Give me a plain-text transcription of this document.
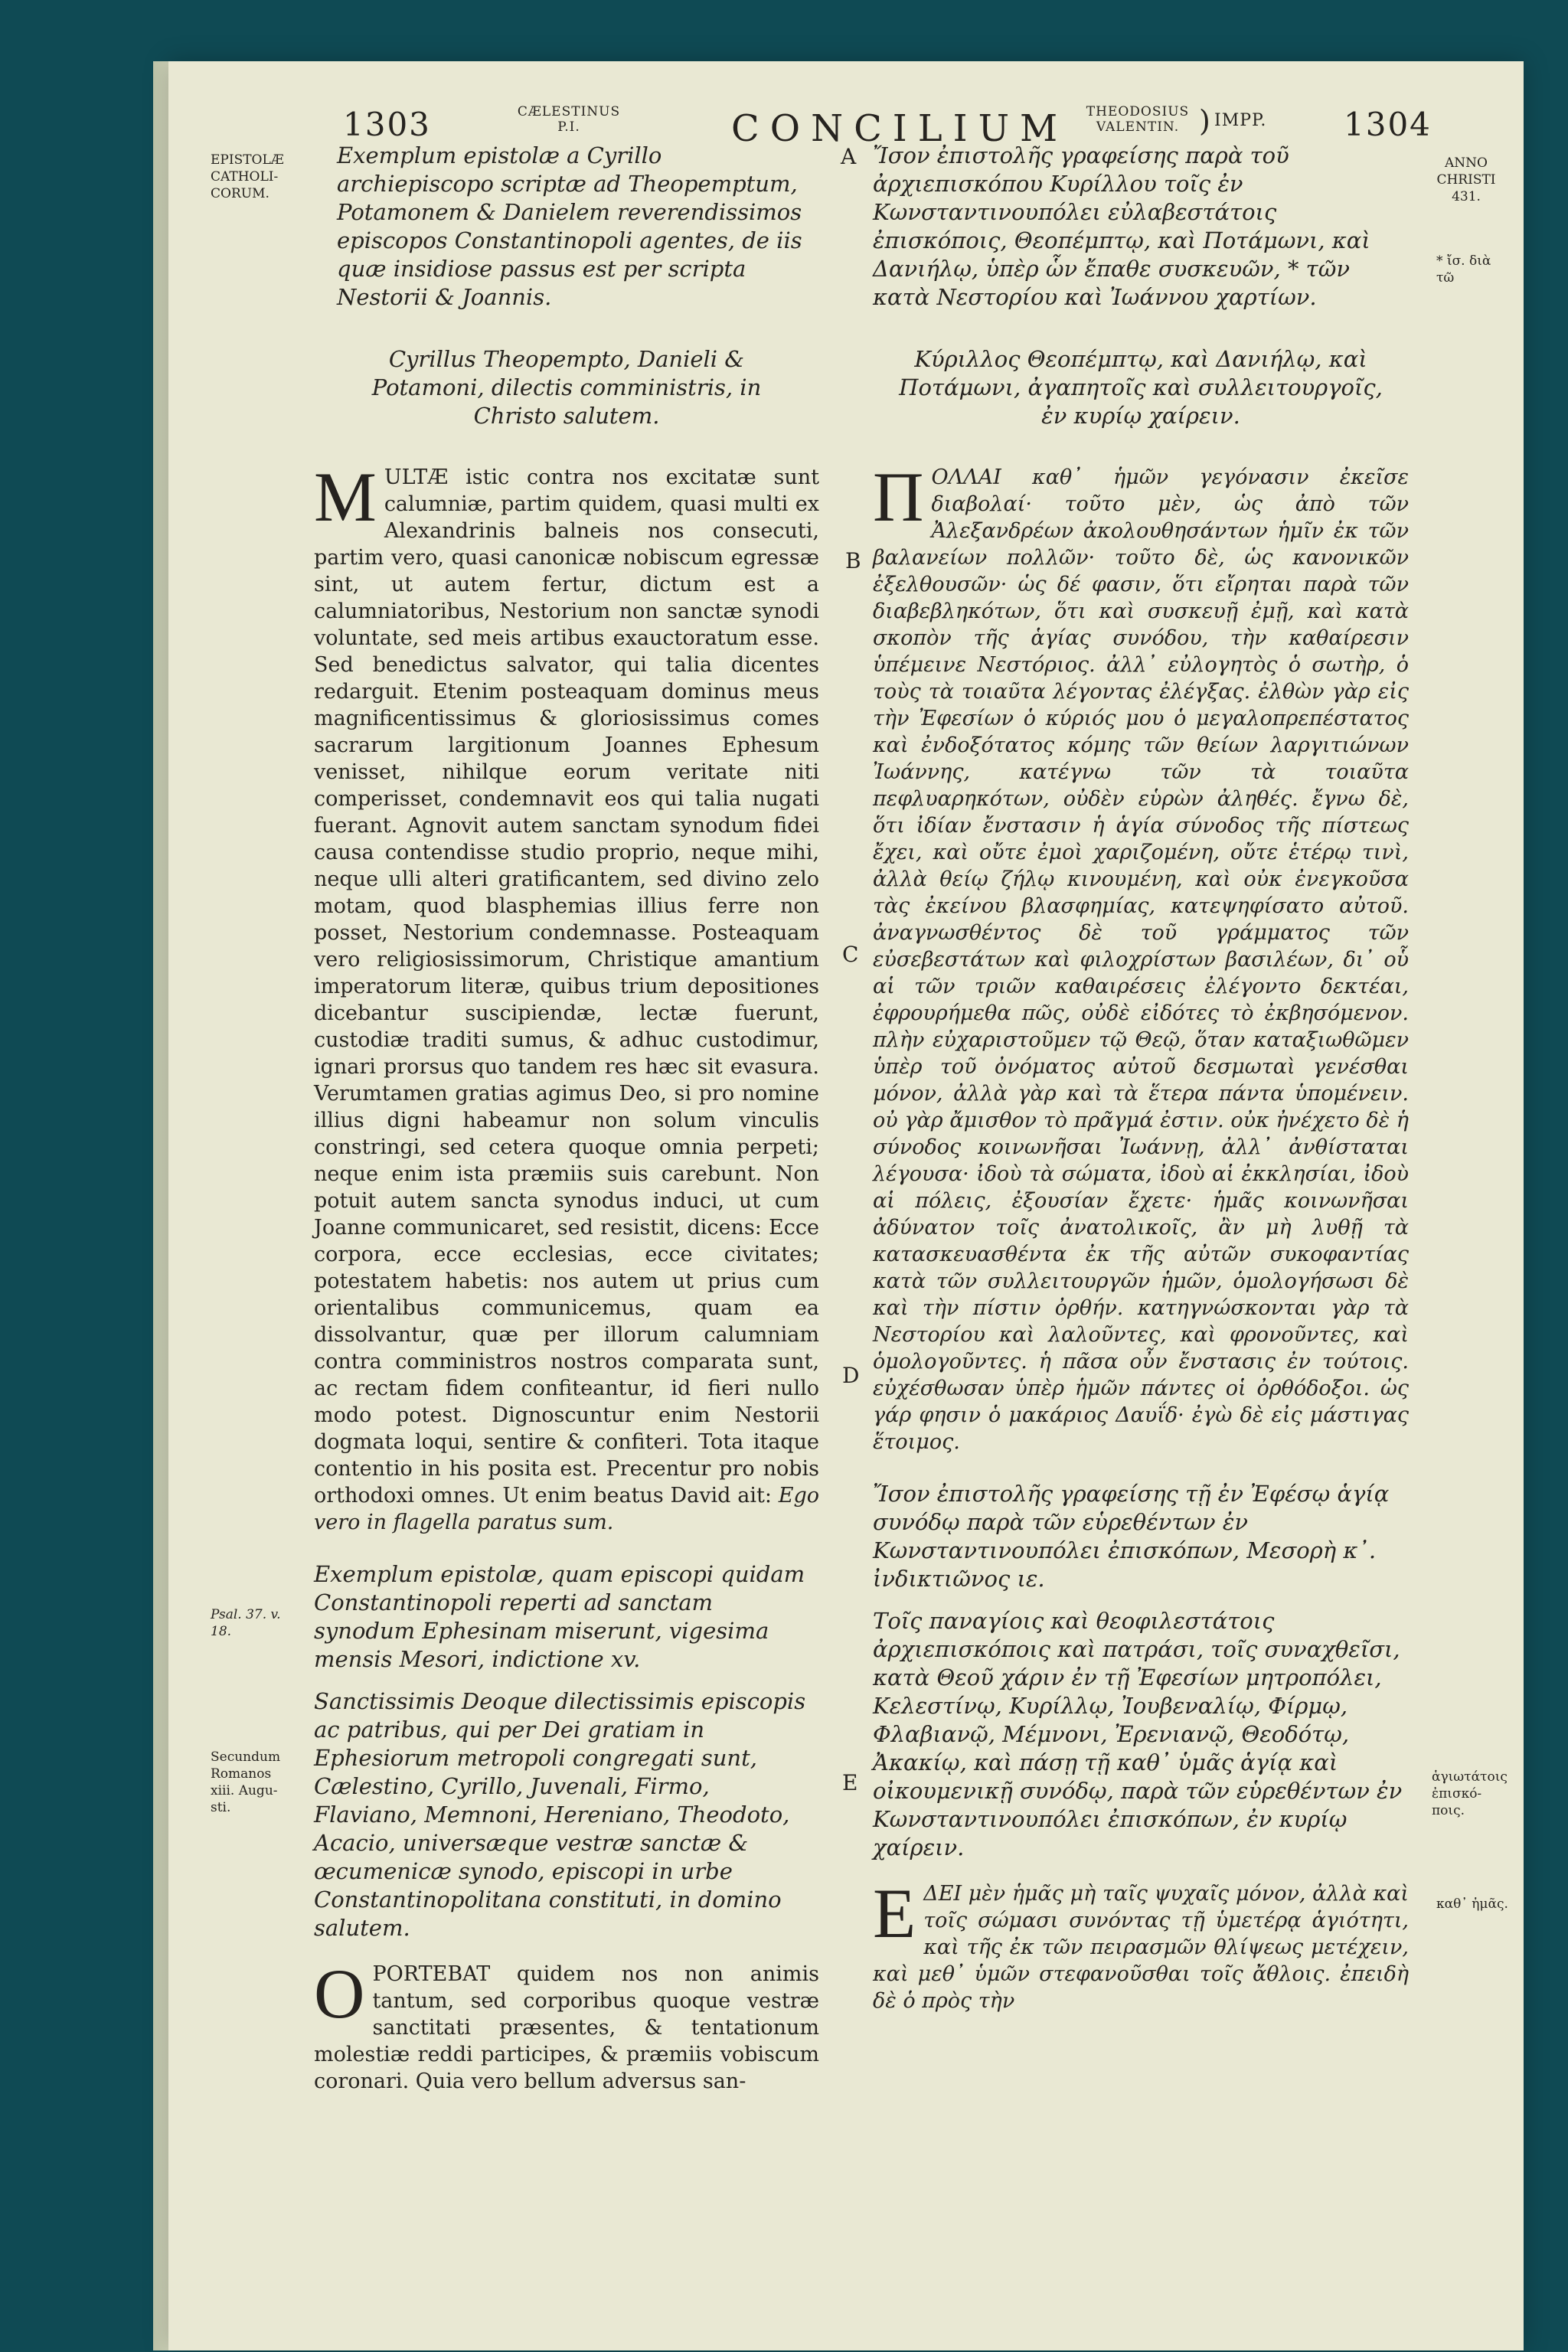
1303	CÆLESTINUS
P.I.	CONCILIUM THEODOSIUS
VALENTIN. ) IMPP. 1304
EPISTOLÆ CATHOLI- CORUM.
Psal. 37. v. 18.
Secundum Romanos xiii. Augu- sti.
ANNO CHRISTI 431.
* ἴσ. διὰ τῶ
ἁγιωτάτοις ἐπισκό- ποις.
καθ᾽ ἡμᾶς.
A
B
C
D
E

Exemplum epistolæ a Cyrillo archiepiscopo scriptæ ad Theopemptum, Potamonem & Danielem reverendissimos episcopos Constantinopoli agentes, de iis quæ insidiose passus est per scripta Nestorii & Joannis.

Cyrillus Theopempto, Danieli & Potamoni, dilectis comministris, in Christo salutem.

M ULTÆ istic contra nos excitatæ sunt calumniæ, partim quidem, quasi multi ex Alexandrinis balneis nos consecuti, partim vero, quasi canonicæ nobiscum egressæ sint, ut autem fertur, dictum est a calumniatoribus, Nestorium non sanctæ synodi voluntate, sed meis artibus exauctoratum esse. Sed benedictus salvator, qui talia dicentes redarguit. Etenim posteaquam dominus meus magnificentissimus & gloriosissimus comes sacrarum largitionum Joannes Ephesum venisset, nihilque eorum veritate niti comperisset, condemnavit eos qui talia nugati fuerant. Agnovit autem sanctam synodum fidei causa contendisse studio proprio, neque mihi, neque ulli alteri gratificantem, sed divino zelo motam, quod blasphemias illius ferre non posset, Nestorium condemnasse. Posteaquam vero religiosissimorum, Christique amantium imperatorum literæ, quibus trium depositiones dicebantur suscipiendæ, lectæ fuerunt, custodiæ traditi sumus, & adhuc custodimur, ignari prorsus quo tandem res hæc sit evasura. Verumtamen gratias agimus Deo, si pro nomine illius digni habeamur non solum vinculis constringi, sed cetera quoque omnia perpeti; neque enim ista præmiis suis carebunt. Non potuit autem sancta synodus induci, ut cum Joanne communicaret, sed resistit, dicens: Ecce corpora, ecce ecclesias, ecce civitates; potestatem habetis: nos autem ut prius cum orientalibus communicemus, quam ea dissolvantur, quæ per illorum calumniam contra comministros nostros comparata sunt, ac rectam fidem confiteantur, id fieri nullo modo potest. Dignoscuntur enim Nestorii dogmata loqui, sentire & confiteri. Tota itaque contentio in his posita est. Precentur pro nobis orthodoxi omnes. Ut enim beatus David ait: Ego vero in flagella paratus sum.

Exemplum epistolæ, quam episcopi quidam Constantinopoli reperti ad sanctam synodum Ephesinam miserunt, vigesima mensis Mesori, indictione xv.

Sanctissimis Deoque dilectissimis episcopis ac patribus, qui per Dei gratiam in Ephesiorum metropoli congregati sunt, Cælestino, Cyrillo, Juvenali, Firmo, Flaviano, Memnoni, Hereniano, Theodoto, Acacio, universæque vestræ sanctæ & œcumenicæ synodo, episcopi in urbe Constantinopolitana constituti, in domino salutem.

O PORTEBAT quidem nos non animis tantum, sed corporibus quoque vestræ sanctitati præsentes, & tentationum molestiæ reddi participes, & præmiis vobiscum coronari. Quia vero bellum adversus san-

Ἴσον ἐπιστολῆς γραφείσης παρὰ τοῦ ἀρχιεπισκόπου Κυρίλλου τοῖς ἐν Κωνσταντινουπόλει εὐλαβεστάτοις ἐπισκόποις, Θεοπέμπτῳ, καὶ Ποτάμωνι, καὶ Δανιήλῳ, ὑπὲρ ὧν ἔπαθε συσκευῶν, * τῶν κατὰ Νεστορίου καὶ Ἰωάννου χαρτίων.

Κύριλλος Θεοπέμπτῳ, καὶ Δανιήλῳ, καὶ Ποτάμωνι, ἀγαπητοῖς καὶ συλλειτουργοῖς, ἐν κυρίῳ χαίρειν.

Π ΟΛΛΑΙ καθ᾽ ἡμῶν γεγόνασιν ἐκεῖσε διαβολαί· τοῦτο μὲν, ὡς ἀπὸ τῶν Ἀλεξανδρέων ἀκολουθησάντων ἡμῖν ἐκ τῶν βαλανείων πολλῶν· τοῦτο δὲ, ὡς κανονικῶν ἐξελθουσῶν· ὡς δέ φασιν, ὅτι εἴρηται παρὰ τῶν διαβεβληκότων, ὅτι καὶ συσκευῇ ἐμῇ, καὶ κατὰ σκοπὸν τῆς ἁγίας συνόδου, τὴν καθαίρεσιν ὑπέμεινε Νεστόριος. ἀλλ᾽ εὐλογητὸς ὁ σωτὴρ, ὁ τοὺς τὰ τοιαῦτα λέγοντας ἐλέγξας. ἐλθὼν γὰρ εἰς τὴν Ἐφεσίων ὁ κύριός μου ὁ μεγαλοπρεπέστατος καὶ ἐνδοξότατος κόμης τῶν θείων λαργιτιώνων Ἰωάννης, κατέγνω τῶν τὰ τοιαῦτα πεφλυαρηκότων, οὐδὲν εὑρὼν ἀληθές. ἔγνω δὲ, ὅτι ἰδίαν ἔνστασιν ἡ ἁγία σύνοδος τῆς πίστεως ἔχει, καὶ οὔτε ἐμοὶ χαριζομένη, οὔτε ἑτέρῳ τινὶ, ἀλλὰ θείῳ ζήλῳ κινουμένη, καὶ οὐκ ἐνεγκοῦσα τὰς ἐκείνου βλασφημίας, κατεψηφίσατο αὐτοῦ. ἀναγνωσθέντος δὲ τοῦ γράμματος τῶν εὐσεβεστάτων καὶ φιλοχρίστων βασιλέων, δι᾽ οὗ αἱ τῶν τριῶν καθαιρέσεις ἐλέγοντο δεκτέαι, ἐφρουρήμεθα πῶς, οὐδὲ εἰδότες τὸ ἐκβησόμενον. πλὴν εὐχαριστοῦμεν τῷ Θεῷ, ὅταν καταξιωθῶμεν ὑπὲρ τοῦ ὀνόματος αὐτοῦ δεσμωταὶ γενέσθαι μόνον, ἀλλὰ γὰρ καὶ τὰ ἕτερα πάντα ὑπομένειν. οὐ γὰρ ἄμισθον τὸ πρᾶγμά ἐστιν. οὐκ ἠνέχετο δὲ ἡ σύνοδος κοινωνῆσαι Ἰωάννῃ, ἀλλ᾽ ἀνθίσταται λέγουσα· ἰδοὺ τὰ σώματα, ἰδοὺ αἱ ἐκκλησίαι, ἰδοὺ αἱ πόλεις, ἐξουσίαν ἔχετε· ἡμᾶς κοινωνῆσαι ἀδύνατον τοῖς ἀνατολικοῖς, ἂν μὴ λυθῇ τὰ κατασκευασθέντα ἐκ τῆς αὐτῶν συκοφαντίας κατὰ τῶν συλλειτουργῶν ἡμῶν, ὁμολογήσωσι δὲ καὶ τὴν πίστιν ὀρθήν. κατηγνώσκονται γὰρ τὰ Νεστορίου καὶ λαλοῦντες, καὶ φρονοῦντες, καὶ ὁμολογοῦντες. ἡ πᾶσα οὖν ἔνστασις ἐν τούτοις. εὐχέσθωσαν ὑπὲρ ἡμῶν πάντες οἱ ὀρθόδοξοι. ὡς γάρ φησιν ὁ μακάριος Δαυΐδ· ἐγὼ δὲ εἰς μάστιγας ἕτοιμος.

Ἴσον ἐπιστολῆς γραφείσης τῇ ἐν Ἐφέσῳ ἁγίᾳ συνόδῳ παρὰ τῶν εὑρεθέντων ἐν Κωνσταντινουπόλει ἐπισκόπων, Μεσορὴ κ᾽. ἰνδικτιῶνος ιε.

Τοῖς παναγίοις καὶ θεοφιλεστάτοις ἀρχιεπισκόποις καὶ πατράσι, τοῖς συναχθεῖσι, κατὰ Θεοῦ χάριν ἐν τῇ Ἐφεσίων μητροπόλει, Κελεστίνῳ, Κυρίλλῳ, Ἰουβεναλίῳ, Φίρμῳ, Φλαβιανῷ, Μέμνονι, Ἐρενιανῷ, Θεοδότῳ, Ἀκακίῳ, καὶ πάσῃ τῇ καθ᾽ ὑμᾶς ἁγίᾳ καὶ οἰκουμενικῇ συνόδῳ, παρὰ τῶν εὑρεθέντων ἐν Κωνσταντινουπόλει ἐπισκόπων, ἐν κυρίῳ χαίρειν.

Ε ΔΕΙ μὲν ἡμᾶς μὴ ταῖς ψυχαῖς μόνον, ἀλλὰ καὶ τοῖς σώμασι συνόντας τῇ ὑμετέρᾳ ἁγιότητι, καὶ τῆς ἐκ τῶν πειρασμῶν θλίψεως μετέχειν, καὶ μεθ᾽ ὑμῶν στεφανοῦσθαι τοῖς ἄθλοις. ἐπειδὴ δὲ ὁ πρὸς τὴν
